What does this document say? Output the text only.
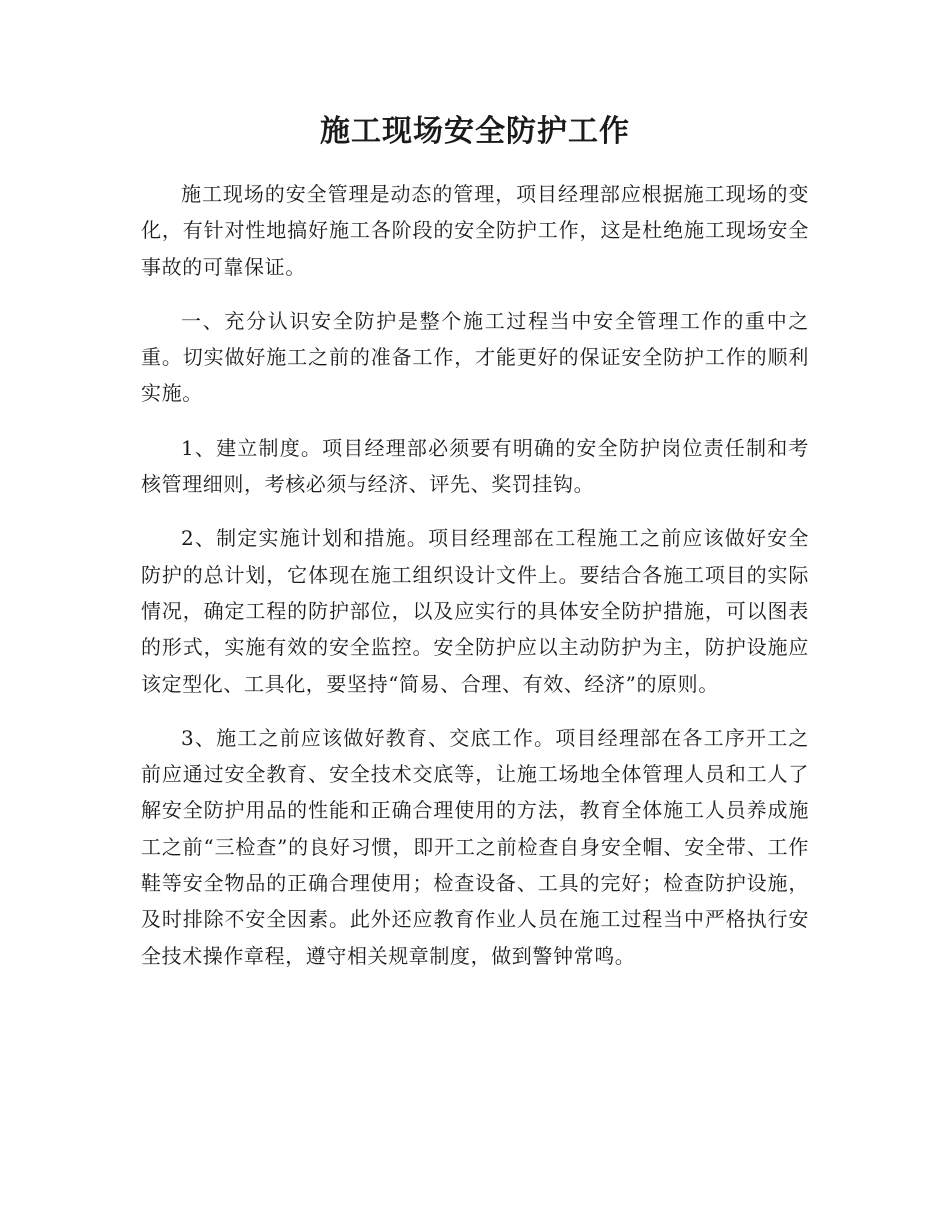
施工现场安全防护工作

施工现场的安全管理是动态的管理，项目经理部应根据施工现场的变化，有针对性地搞好施工各阶段的安全防护工作，这是杜绝施工现场安全事故的可靠保证。

一、充分认识安全防护是整个施工过程当中安全管理工作的重中之重。切实做好施工之前的准备工作，才能更好的保证安全防护工作的顺利实施。

1、建立制度。项目经理部必须要有明确的安全防护岗位责任制和考核管理细则，考核必须与经济、评先、奖罚挂钩。

2、制定实施计划和措施。项目经理部在工程施工之前应该做好安全防护的总计划，它体现在施工组织设计文件上。要结合各施工项目的实际情况，确定工程的防护部位，以及应实行的具体安全防护措施，可以图表的形式，实施有效的安全监控。安全防护应以主动防护为主，防护设施应该定型化、工具化，要坚持“简易、合理、有效、经济”的原则。

3、施工之前应该做好教育、交底工作。项目经理部在各工序开工之前应通过安全教育、安全技术交底等，让施工场地全体管理人员和工人了解安全防护用品的性能和正确合理使用的方法，教育全体施工人员养成施工之前“三检查”的良好习惯，即开工之前检查自身安全帽、安全带、工作鞋等安全物品的正确合理使用；检查设备、工具的完好；检查防护设施，及时排除不安全因素。此外还应教育作业人员在施工过程当中严格执行安全技术操作章程，遵守相关规章制度，做到警钟常鸣。
